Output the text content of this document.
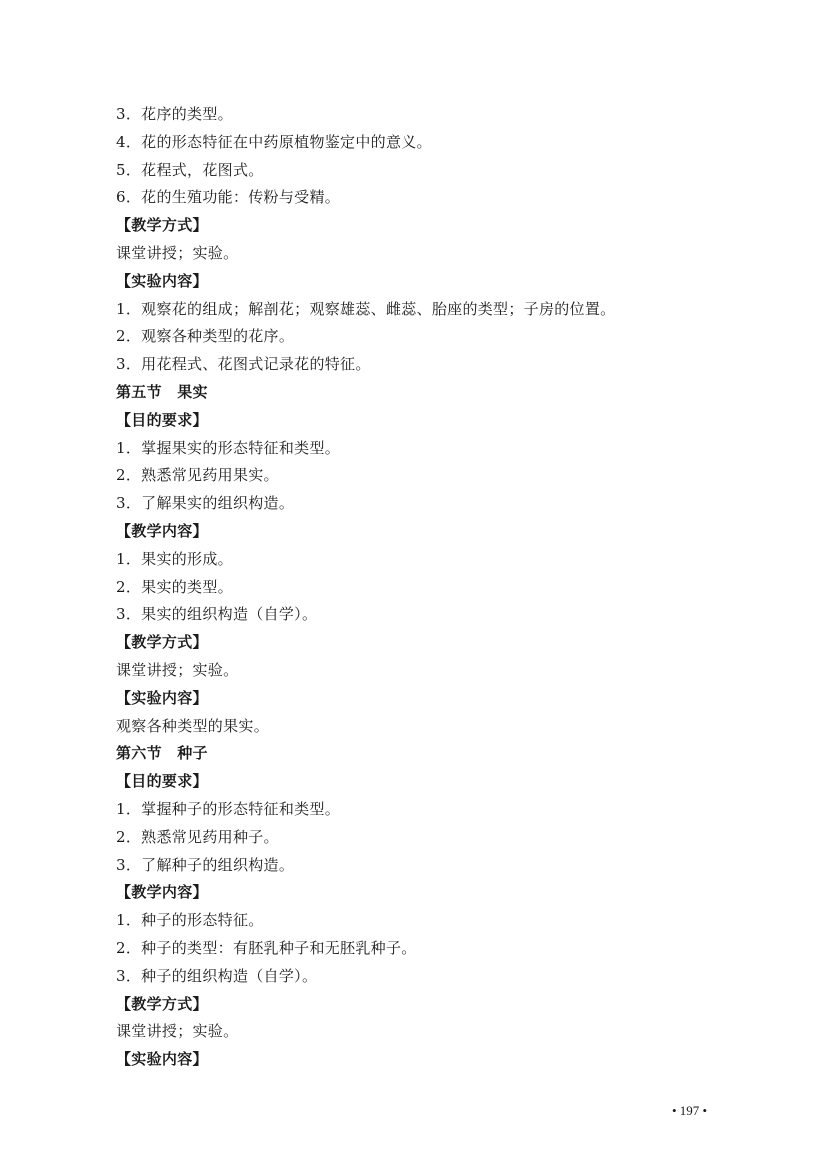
3．花序的类型。
4．花的形态特征在中药原植物鉴定中的意义。
5．花程式，花图式。
6．花的生殖功能：传粉与受精。
【教学方式】
课堂讲授；实验。
【实验内容】
1．观察花的组成；解剖花；观察雄蕊、雌蕊、胎座的类型；子房的位置。
2．观察各种类型的花序。
3．用花程式、花图式记录花的特征。
第五节　果实
【目的要求】
1．掌握果实的形态特征和类型。
2．熟悉常见药用果实。
3．了解果实的组织构造。
【教学内容】
1．果实的形成。
2．果实的类型。
3．果实的组织构造（自学）。
【教学方式】
课堂讲授；实验。
【实验内容】
观察各种类型的果实。
第六节　种子
【目的要求】
1．掌握种子的形态特征和类型。
2．熟悉常见药用种子。
3．了解种子的组织构造。
【教学内容】
1．种子的形态特征。
2．种子的类型：有胚乳种子和无胚乳种子。
3．种子的组织构造（自学）。
【教学方式】
课堂讲授；实验。
【实验内容】
• 197 •
